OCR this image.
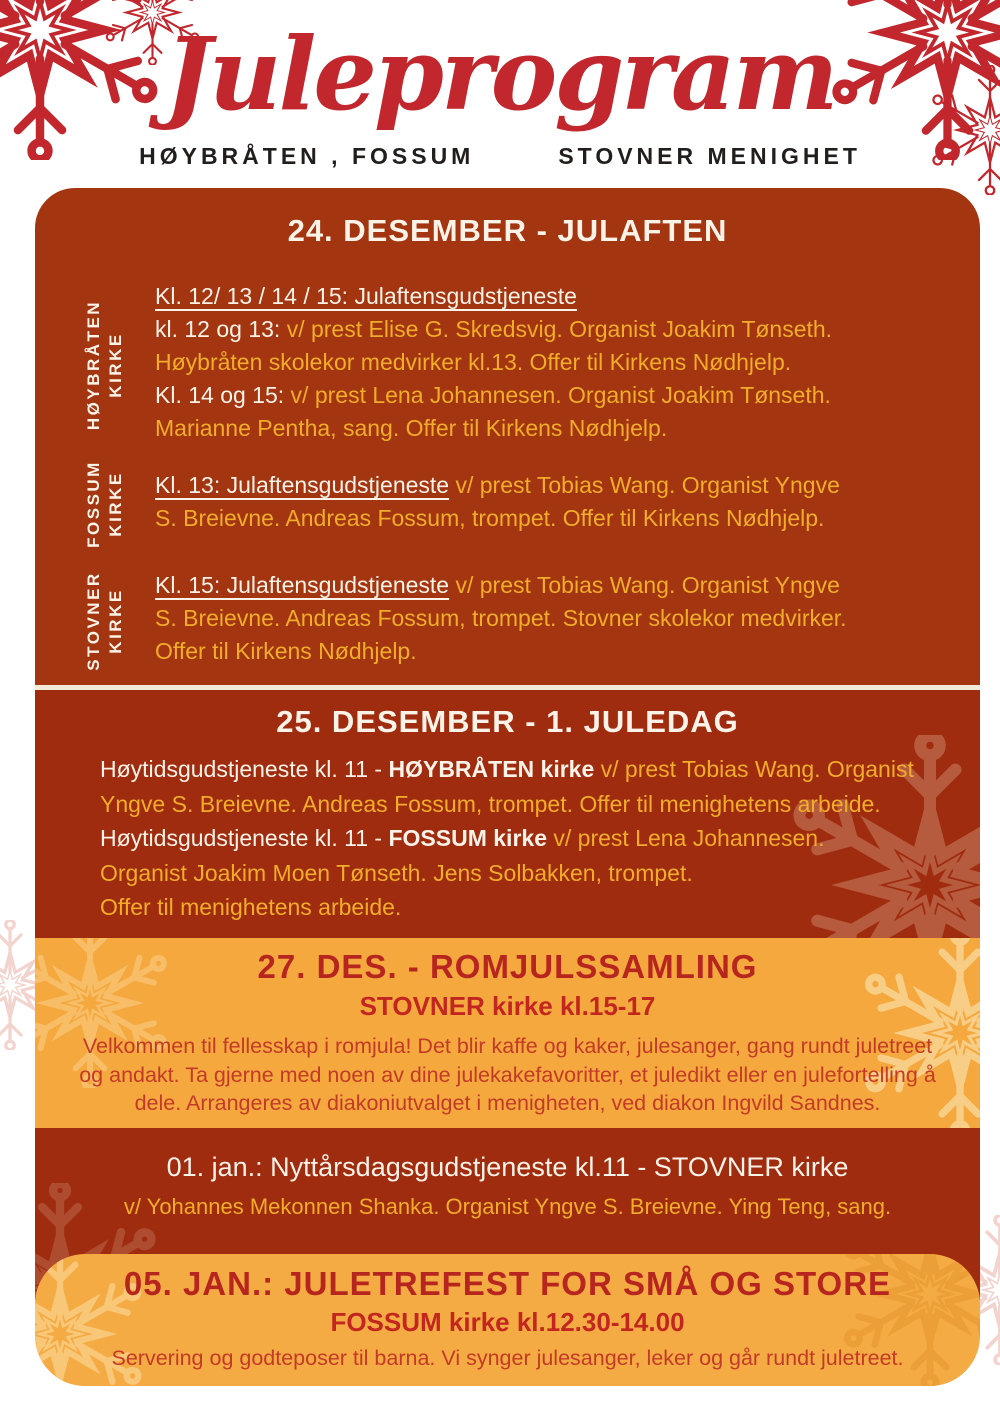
Juleprogram
HØYBRÅTEN , FOSSUM	STOVNER MENIGHET
24. DESEMBER - JULAFTEN
HØYBRÅTEN KIRKE
Kl. 12/ 13 / 14 / 15: Julaftensgudstjeneste
kl. 12 og 13: v/ prest Elise G. Skredsvig. Organist Joakim Tønseth.
Høybråten skolekor medvirker kl.13. Offer til Kirkens Nødhjelp.
Kl. 14 og 15: v/ prest Lena Johannesen. Organist Joakim Tønseth.
Marianne Pentha, sang. Offer til Kirkens Nødhjelp.
FOSSUM KIRKE Kl. 13: Julaftensgudstjeneste v/ prest Tobias Wang. Organist Yngve
S. Breievne. Andreas Fossum, trompet. Offer til Kirkens Nødhjelp.
STOVNER KIRKE
Kl. 15: Julaftensgudstjeneste v/ prest Tobias Wang. Organist Yngve
S. Breievne. Andreas Fossum, trompet. Stovner skolekor medvirker.
Offer til Kirkens Nødhjelp.
25. DESEMBER - 1. JULEDAG
Høytidsgudstjeneste kl. 11 - HØYBRÅTEN kirke v/ prest Tobias Wang. Organist
Yngve S. Breievne. Andreas Fossum, trompet. Offer til menighetens arbeide.
Høytidsgudstjeneste kl. 11 - FOSSUM kirke v/ prest Lena Johannesen.
Organist Joakim Moen Tønseth. Jens Solbakken, trompet.
Offer til menighetens arbeide.
27. DES. - ROMJULSSAMLING
STOVNER kirke kl.15-17
Velkommen til fellesskap i romjula! Det blir kaffe og kaker, julesanger, gang rundt juletreet
og andakt. Ta gjerne med noen av dine julekakefavoritter, et juledikt eller en julefortelling å
dele. Arrangeres av diakoniutvalget i menigheten, ved diakon Ingvild Sandnes.
01. jan.: Nyttårsdagsgudstjeneste kl.11 - STOVNER kirke
v/ Yohannes Mekonnen Shanka. Organist Yngve S. Breievne. Ying Teng, sang.
05. JAN.: JULETREFEST FOR SMÅ OG STORE
FOSSUM kirke kl.12.30-14.00
Servering og godteposer til barna. Vi synger julesanger, leker og går rundt juletreet.
